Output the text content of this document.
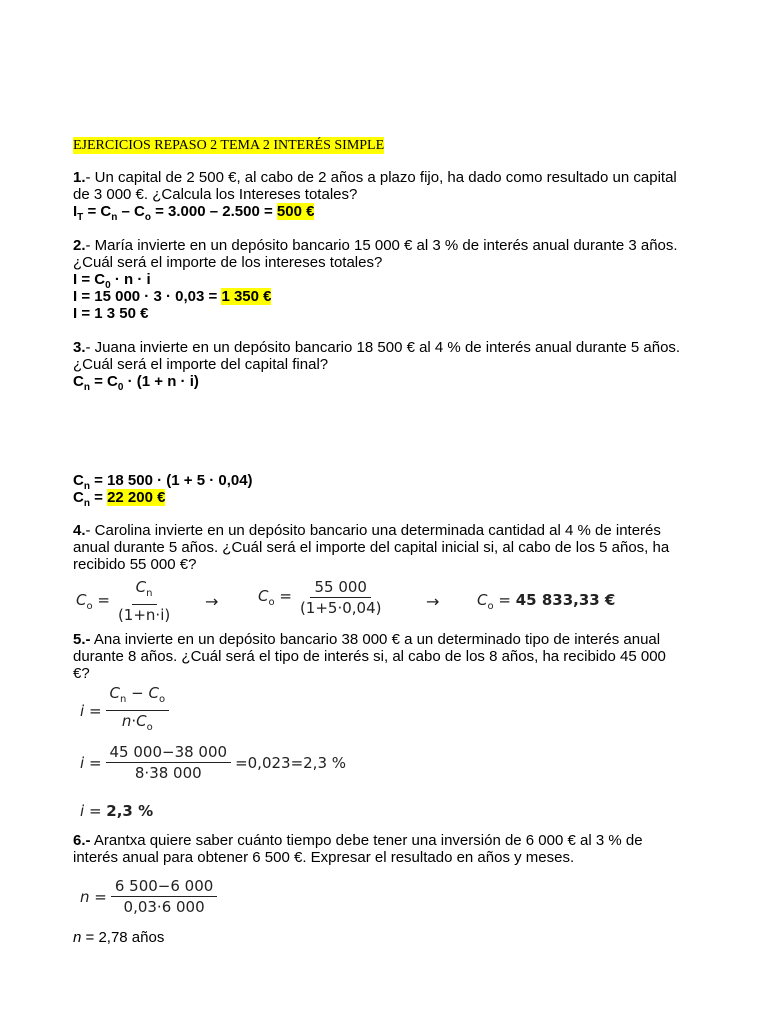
EJERCICIOS REPASO 2 TEMA 2 INTERÉS SIMPLE
1.- Un capital de 2 500 €, al cabo de 2 años a plazo fijo, ha dado como resultado un capital
de 3 000 €. ¿Calcula los Intereses totales?
$I_T = C_n - C_o = 3.000 - 2.500 = 500$ €
2.- María invierte en un depósito bancario 15 000 € al 3 % de interés anual durante 3 años.
¿Cuál será el importe de los intereses totales?
$I = C_0 \cdot n \cdot i$
I = 15 000 · 3 · 0,03 = 1 350 €
I = 1 3 50 €
3.- Juana invierte en un depósito bancario 18 500 € al 4 % de interés anual durante 5 años.
¿Cuál será el importe del capital final?
$C_n = C_0 \cdot (1 + n \cdot i)$
$C_n = 18$ 500 · (1 + 5 · 0,04)
$C_n = 22$ 200 €
4.- Carolina invierte en un depósito bancario una determinada cantidad al 4 % de interés
anual durante 5 años. ¿Cuál será el importe del capital inicial si, al cabo de los 5 años, ha
recibido 55 000 €?
$C_o = \frac{C_n}{(1+n\cdot i)}$ →	$C_o = \frac{55 000}{(1+5\cdot 0,04)}$	→	$C_o = 45$ 833,33 €
5.- Ana invierte en un depósito bancario 38 000 € a un determinado tipo de interés anual
durante 8 años. ¿Cuál será el tipo de interés si, al cabo de los 8 años, ha recibido 45 000
€?
$i = \frac{C_n - C_o}{n\cdot C_o}$
$i = \frac{45 000-38 000}{8\cdot 38 000} =0,023=2,3$ %
i = 2,3 %
6.- Arantxa quiere saber cuánto tiempo debe tener una inversión de 6 000 € al 3 % de
interés anual para obtener 6 500 €. Expresar el resultado en años y meses.
$n = \frac{6 500-6 000}{0,03\cdot 6 000}$
n = 2,78 años
